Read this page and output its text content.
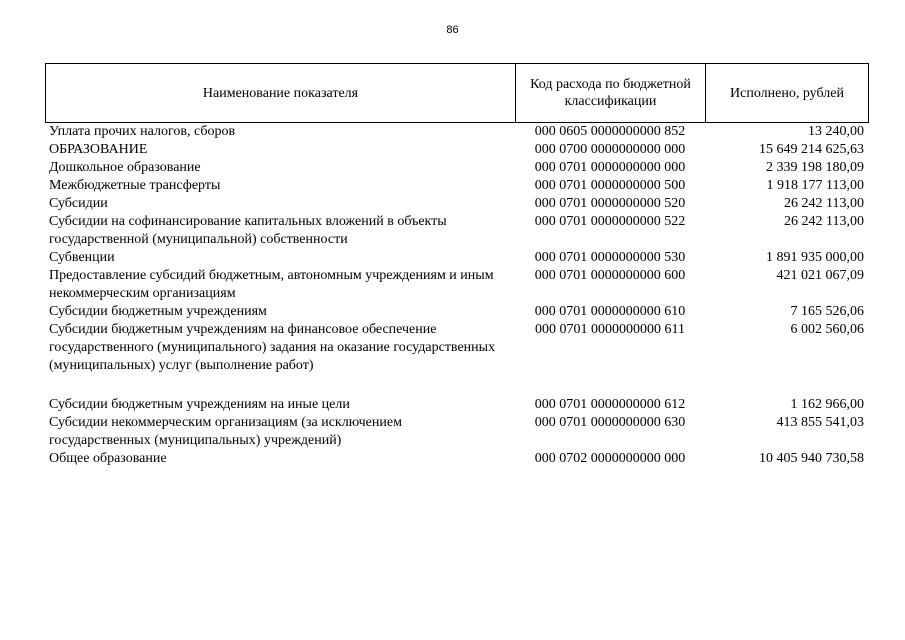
86
Наименование показателя
Код расхода по бюджетной классификации
Исполнено, рублей
Уплата прочих налогов, сборов	000 0605 0000000000 852	13 240,00
ОБРАЗОВАНИЕ	000 0700 0000000000 000	15 649 214 625,63
Дошкольное образование	000 0701 0000000000 000	2 339 198 180,09
Межбюджетные трансферты	000 0701 0000000000 500	1 918 177 113,00
Субсидии	000 0701 0000000000 520	26 242 113,00
Субсидии на софинансирование капитальных вложений в объекты государственной (муниципальной) собственности
000 0701 0000000000 522	26 242 113,00
Субвенции	000 0701 0000000000 530	1 891 935 000,00
Предоставление субсидий бюджетным, автономным учреждениям и иным некоммерческим организациям
000 0701 0000000000 600	421 021 067,09
Субсидии бюджетным учреждениям	000 0701 0000000000 610	7 165 526,06
Субсидии бюджетным учреждениям на финансовое обеспечение государственного (муниципального) задания на оказание государственных (муниципальных) услуг (выполнение работ)
000 0701 0000000000 611	6 002 560,06
Субсидии бюджетным учреждениям на иные цели	000 0701 0000000000 612	1 162 966,00
Субсидии некоммерческим организациям (за исключением государственных (муниципальных) учреждений)
000 0701 0000000000 630	413 855 541,03
Общее образование	000 0702 0000000000 000	10 405 940 730,58
